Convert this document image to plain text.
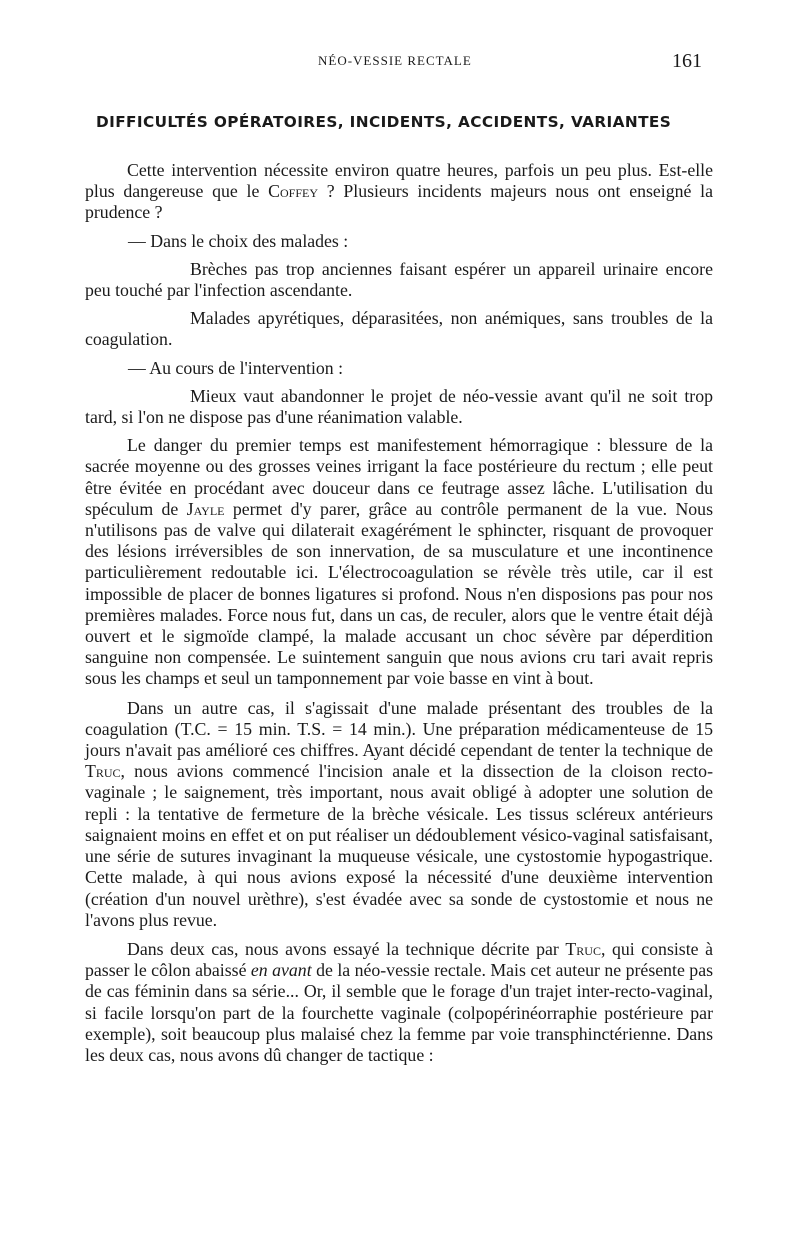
NÉO-VESSIE RECTALE	161
DIFFICULTÉS OPÉRATOIRES, INCIDENTS, ACCIDENTS, VARIANTES

Cette intervention nécessite environ quatre heures, parfois un peu plus. Est-elle plus dangereuse que le Coffey ? Plusieurs incidents majeurs nous ont enseigné la prudence ?

— Dans le choix des malades :

Brèches pas trop anciennes faisant espérer un appareil urinaire encore peu touché par l'infection ascendante.

Malades apyrétiques, déparasitées, non anémiques, sans troubles de la coagulation.

— Au cours de l'intervention :

Mieux vaut abandonner le projet de néo-vessie avant qu'il ne soit trop tard, si l'on ne dispose pas d'une réanimation valable.

Le danger du premier temps est manifestement hémorragique : blessure de la sacrée moyenne ou des grosses veines irrigant la face postérieure du rectum ; elle peut être évitée en procédant avec douceur dans ce feutrage assez lâche. L'utilisation du spéculum de Jayle permet d'y parer, grâce au contrôle permanent de la vue. Nous n'utilisons pas de valve qui dilaterait exagérément le sphincter, risquant de provoquer des lésions irréversibles de son innervation, de sa musculature et une incontinence particulièrement redoutable ici. L'électrocoagulation se révèle très utile, car il est impossible de placer de bonnes ligatures si profond. Nous n'en disposions pas pour nos premières malades. Force nous fut, dans un cas, de reculer, alors que le ventre était déjà ouvert et le sigmoïde clampé, la malade accusant un choc sévère par déperdition sanguine non compensée. Le suintement sanguin que nous avions cru tari avait repris sous les champs et seul un tamponnement par voie basse en vint à bout.

Dans un autre cas, il s'agissait d'une malade présentant des troubles de la coagulation (T.C. = 15 min. T.S. = 14 min.). Une préparation médicamenteuse de 15 jours n'avait pas amélioré ces chiffres. Ayant décidé cependant de tenter la technique de Truc, nous avions commencé l'incision anale et la dissection de la cloison recto-vaginale ; le saignement, très important, nous avait obligé à adopter une solution de repli : la tentative de fermeture de la brèche vésicale. Les tissus scléreux antérieurs saignaient moins en effet et on put réaliser un dédoublement vésico-vaginal satisfaisant, une série de sutures invaginant la muqueuse vésicale, une cystostomie hypogastrique. Cette malade, à qui nous avions exposé la nécessité d'une deuxième intervention (création d'un nouvel urèthre), s'est évadée avec sa sonde de cystostomie et nous ne l'avons plus revue.

Dans deux cas, nous avons essayé la technique décrite par Truc, qui consiste à passer le côlon abaissé en avant de la néo-vessie rectale. Mais cet auteur ne présente pas de cas féminin dans sa série... Or, il semble que le forage d'un trajet inter-recto-vaginal, si facile lorsqu'on part de la fourchette vaginale (colpopérinéorraphie postérieure par exemple), soit beaucoup plus malaisé chez la femme par voie transphinctérienne. Dans les deux cas, nous avons dû changer de tactique :
